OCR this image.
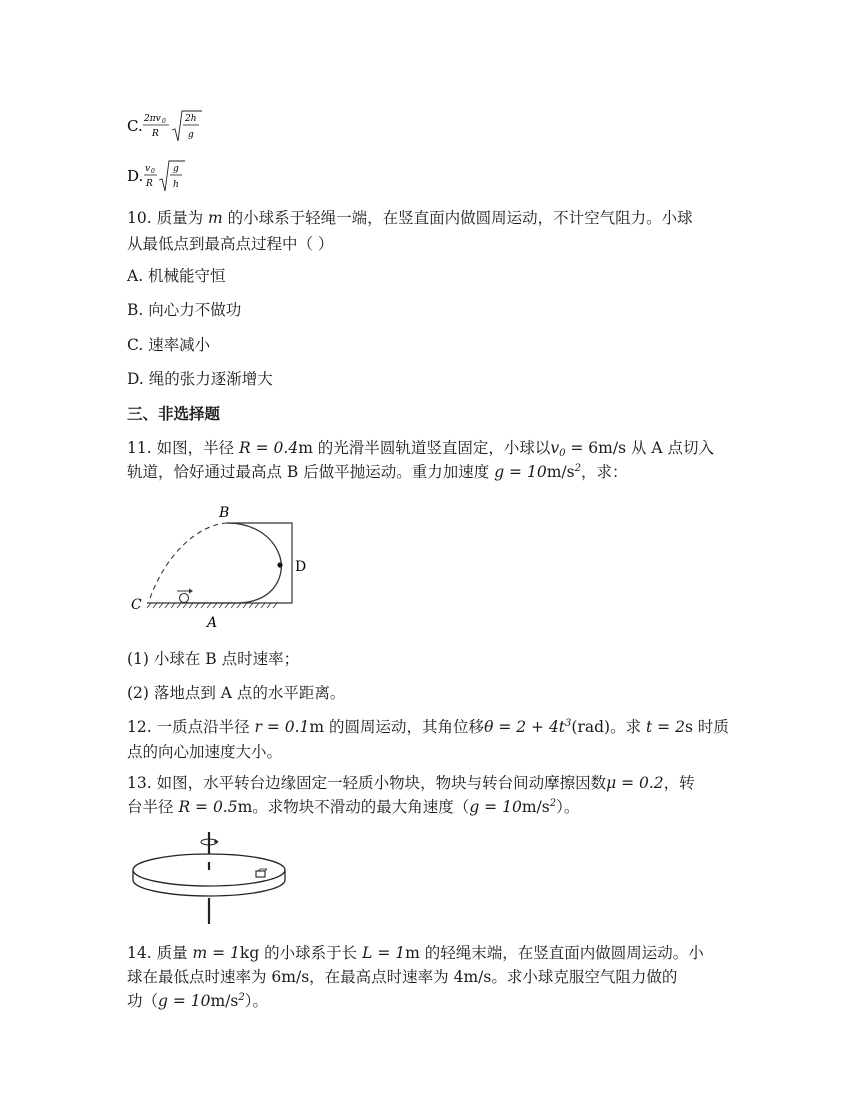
C. 2πv 0
R
2h
g
D. v 0
R
g
h
10. 质量为 m 的小球系于轻绳一端，在竖直面内做圆周运动，不计空气阻力。小球
从最低点到最高点过程中（ ）
A. 机械能守恒
B. 向心力不做功
C. 速率减小
D. 绳的张力逐渐增大
三、非选择题
11. 如图，半径 R = 0.4m 的光滑半圆轨道竖直固定，小球以$v_0 = 6m/s$ 从 A 点切入
轨道，恰好通过最高点 B 后做平抛运动。重力加速度 $g = 10m/s^2$，求：
B
D
C
A
(1) 小球在 B 点时速率；
(2) 落地点到 A 点的水平距离。
12. 一质点沿半径 r = 0.1m 的圆周运动，其角位移$\theta = 2 + 4t^3(rad)$。求 t = 2s 时质
点的向心加速度大小。
13. 如图，水平转台边缘固定一轻质小物块，物块与转台间动摩擦因数μ = 0.2，转
台半径 R = 0.5m。求物块不滑动的最大角速度$(g = 10m/s^2)$。
14. 质量 m = 1kg 的小球系于长 L = 1m 的轻绳末端，在竖直面内做圆周运动。小
球在最低点时速率为 6m/s，在最高点时速率为 4m/s。求小球克服空气阻力做的
功$(g = 10m/s^2)$。
